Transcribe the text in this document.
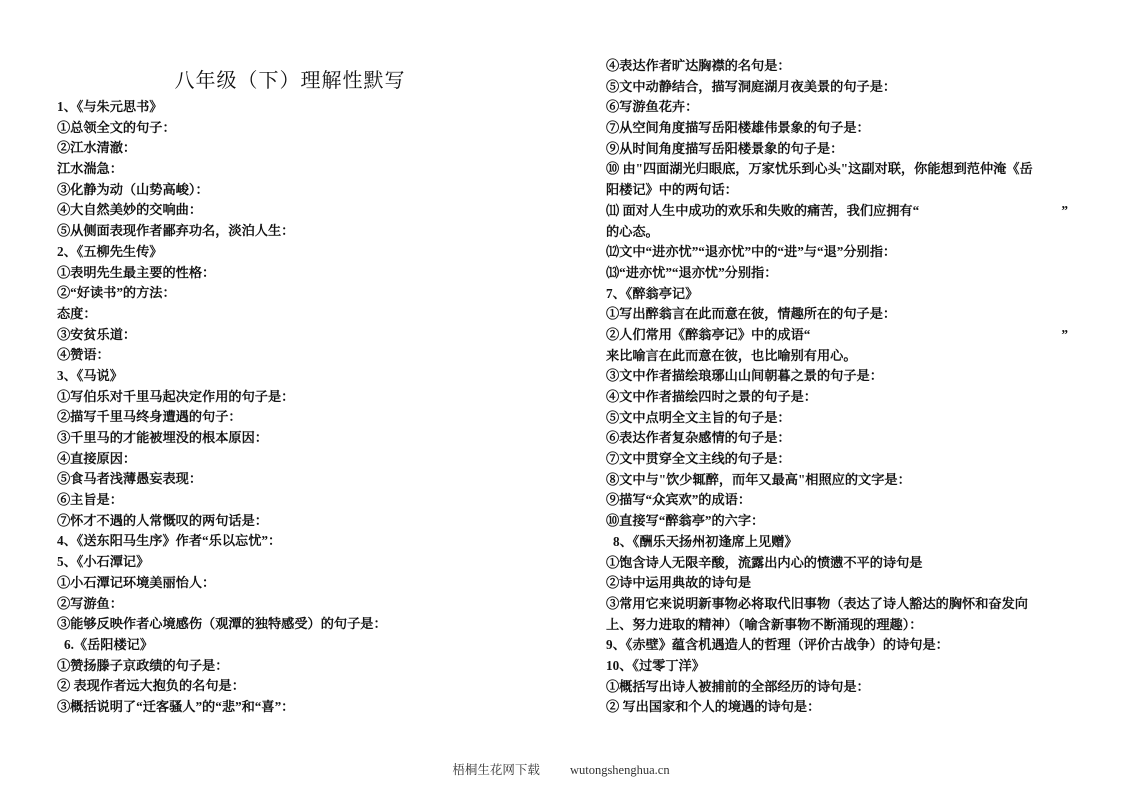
八年级（下）理解性默写
1、《与朱元思书》
①总领全文的句子：
②江水清澈：
江水湍急：
③化静为动（山势高峻）：
④大自然美妙的交响曲：
⑤从侧面表现作者鄙弃功名，淡泊人生：
2、《五柳先生传》
①表明先生最主要的性格：
②“好读书”的方法：
态度：
③安贫乐道：
④赞语：
3、《马说》
①写伯乐对千里马起决定作用的句子是：
②描写千里马终身遭遇的句子：
③千里马的才能被埋没的根本原因：
④直接原因：
⑤食马者浅薄愚妄表现：
⑥主旨是：
⑦怀才不遇的人常慨叹的两句话是：
4、《送东阳马生序》作者“乐以忘忧”：
5、《小石潭记》
①小石潭记环境美丽怡人：
②写游鱼：
③能够反映作者心境感伤（观潭的独特感受）的句子是：
6.《岳阳楼记》
①赞扬滕子京政绩的句子是：
② 表现作者远大抱负的名句是：
③概括说明了“迁客骚人”的“悲”和“喜”：
④表达作者旷达胸襟的名句是：
⑤文中动静结合，描写洞庭湖月夜美景的句子是：
⑥写游鱼花卉：
⑦从空间角度描写岳阳楼雄伟景象的句子是：
⑨从时间角度描写岳阳楼景象的句子是：
⑩ 由"四面湖光归眼底，万家忧乐到心头"这副对联，你能想到范仲淹《岳
阳楼记》中的两句话：
⑾ 面对人生中成功的欢乐和失败的痛苦，我们应拥有“	”
的心态。
⑿文中“进亦忧”“退亦忧”中的“进”与“退”分别指：
⒀“进亦忧”“退亦忧”分别指：
7、《醉翁亭记》
①写出醉翁言在此而意在彼，情趣所在的句子是：
②人们常用《醉翁亭记》中的成语“	”
来比喻言在此而意在彼，也比喻别有用心。
③文中作者描绘琅琊山山间朝暮之景的句子是：
④文中作者描绘四时之景的句子是：
⑤文中点明全文主旨的句子是：
⑥表达作者复杂感情的句子是：
⑦文中贯穿全文主线的句子是：
⑧文中与"饮少辄醉，而年又最高"相照应的文字是：
⑨描写“众宾欢”的成语：
⑩直接写“醉翁亭”的六字：
8、《酬乐天扬州初逢席上见赠》
①饱含诗人无限辛酸，流露出内心的愤懑不平的诗句是
②诗中运用典故的诗句是
③常用它来说明新事物必将取代旧事物（表达了诗人豁达的胸怀和奋发向
上、努力进取的精神）（喻含新事物不断涌现的理趣）：
9、《赤壁》蕴含机遇造人的哲理（评价古战争）的诗句是：
10、《过零丁洋》
①概括写出诗人被捕前的全部经历的诗句是：
② 写出国家和个人的境遇的诗句是：
梧桐生花网下载 wutongshenghua.cn
